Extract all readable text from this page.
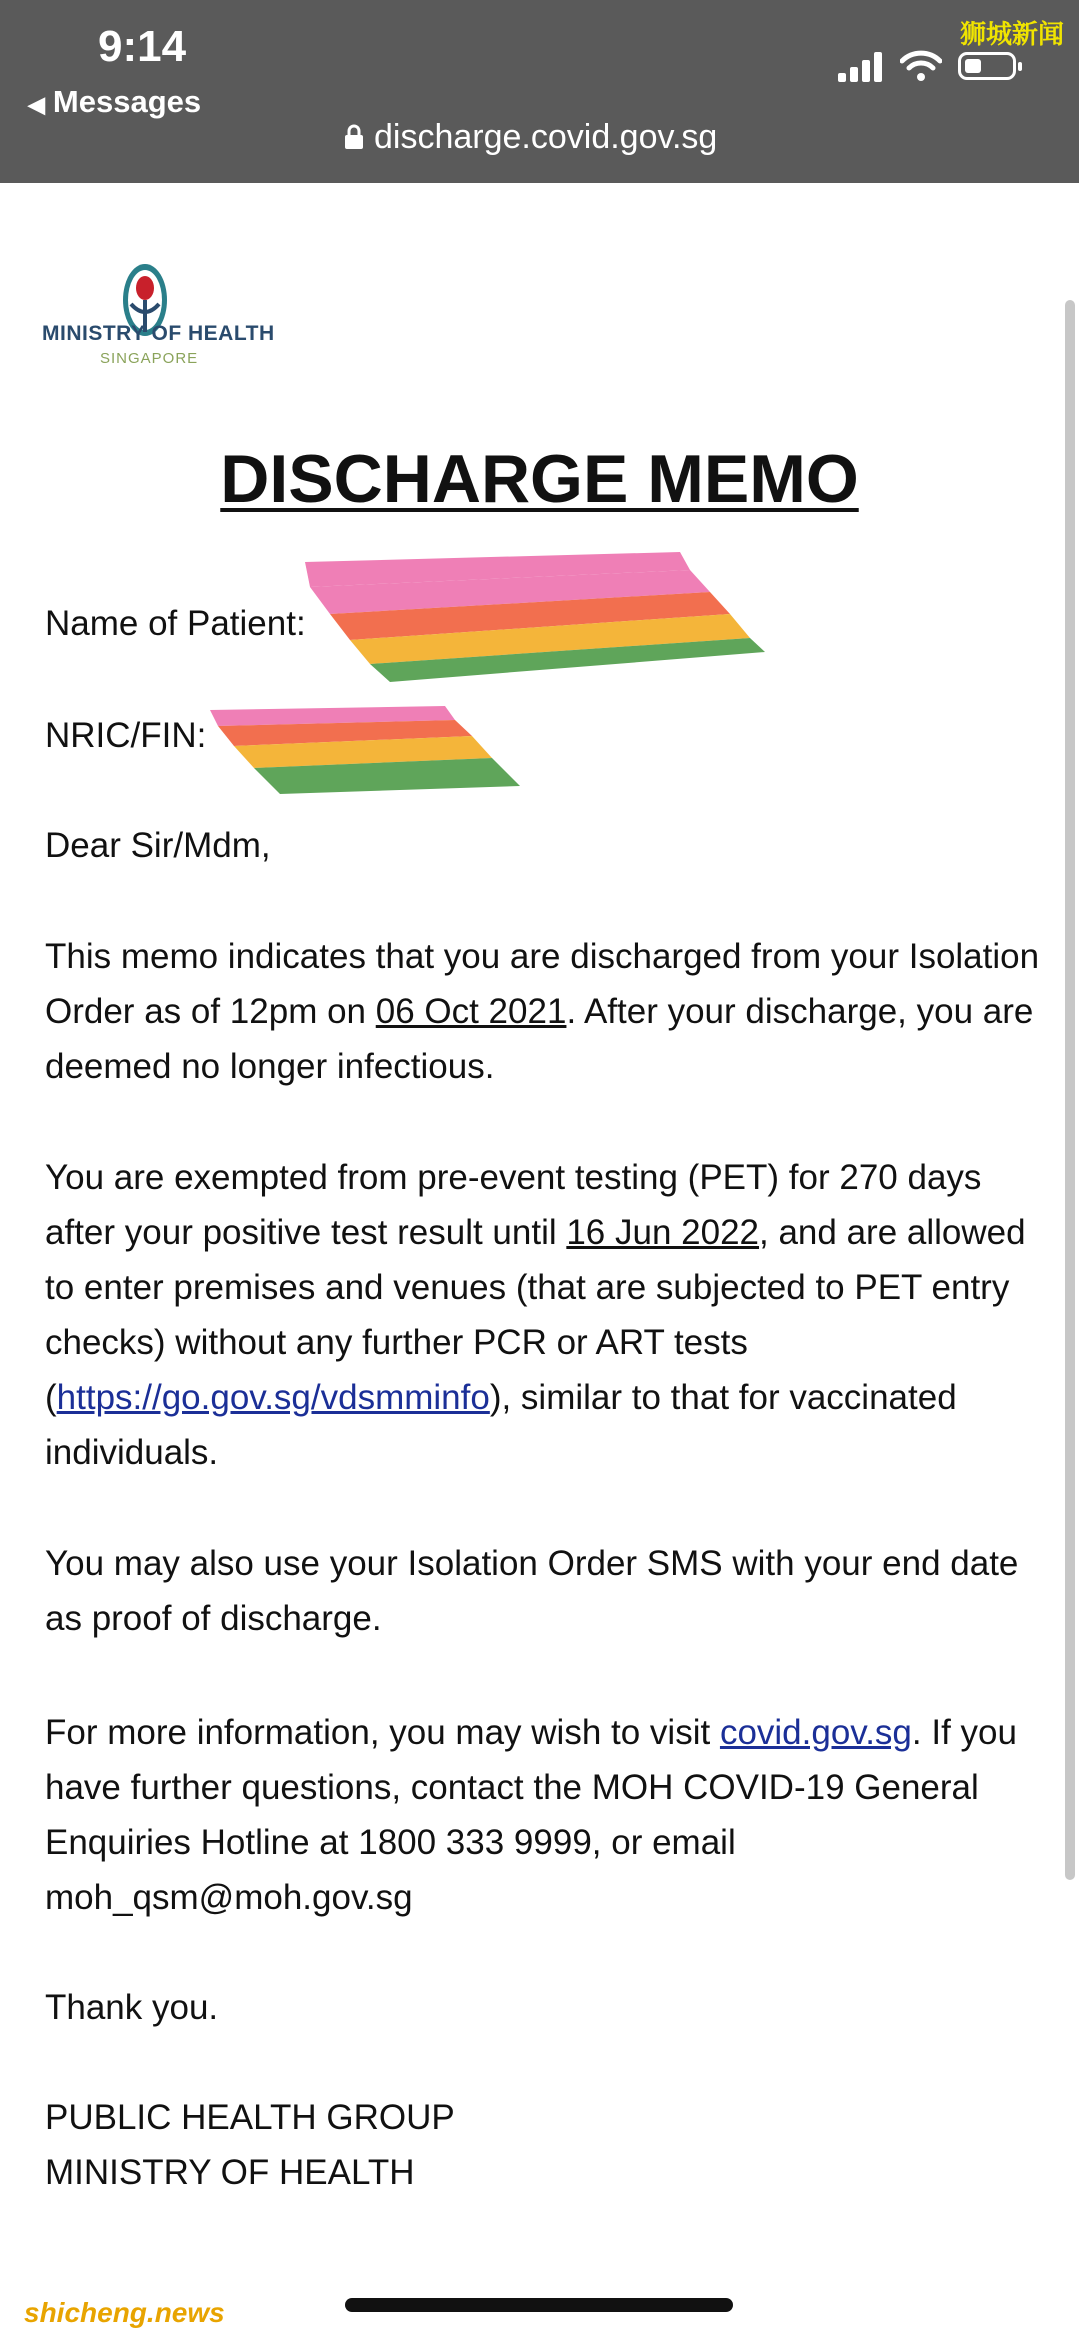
9:14
◀ Messages
discharge.covid.gov.sg
狮城新闻
MINISTRY OF HEALTH
SINGAPORE
DISCHARGE MEMO
Name of Patient:
NRIC/FIN:
Dear Sir/Mdm,
This memo indicates that you are discharged from your Isolation Order as of 12pm on 06 Oct 2021. After your discharge, you are deemed no longer infectious.
You are exempted from pre-event testing (PET) for 270 days after your positive test result until 16 Jun 2022, and are allowed to enter premises and venues (that are subjected to PET entry checks) without any further PCR or ART tests (https://go.gov.sg/vdsmminfo), similar to that for vaccinated individuals.
You may also use your Isolation Order SMS with your end date as proof of discharge.
For more information, you may wish to visit covid.gov.sg. If you have further questions, contact the MOH COVID-19 General Enquiries Hotline at 1800 333 9999, or email moh_qsm@moh.gov.sg
Thank you.
PUBLIC HEALTH GROUP
MINISTRY OF HEALTH
shicheng.news
